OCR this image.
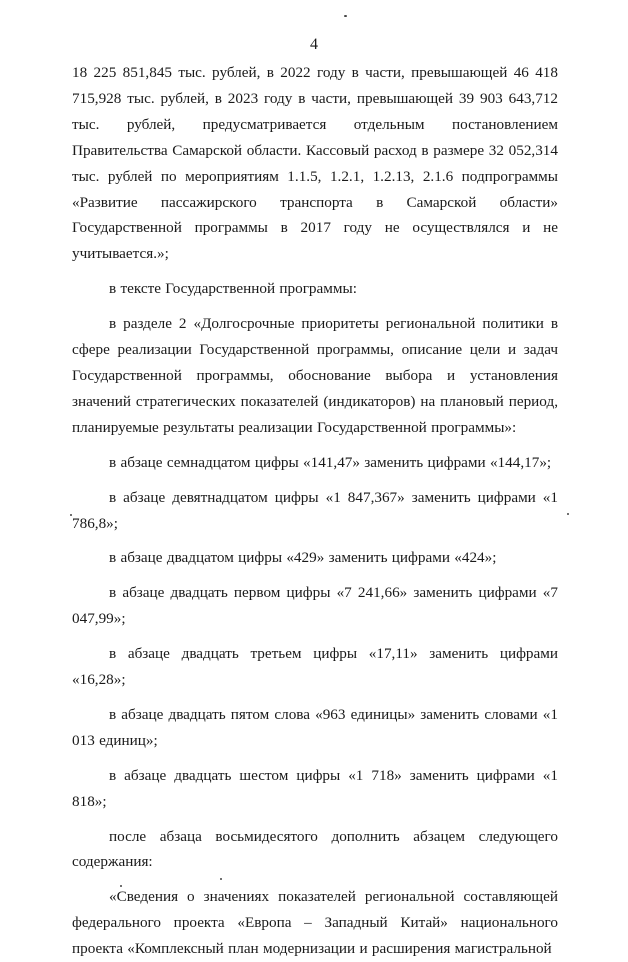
4

18 225 851,845 тыс. рублей, в 2022 году в части, превышающей 46 418 715,928 тыс. рублей, в 2023 году в части, превышающей 39 903 643,712 тыс. рублей, предусматривается отдельным постановлением Правительства Самарской области. Кассовый расход в размере 32 052,314 тыс. рублей по мероприятиям 1.1.5, 1.2.1, 1.2.13, 2.1.6 подпрограммы «Развитие пассажирского транспорта в Самарской области» Государственной программы в 2017 году не осуществлялся и не учитывается.»;

в тексте Государственной программы:

в разделе 2 «Долгосрочные приоритеты региональной политики в сфере реализации Государственной программы, описание цели и задач Государственной программы, обоснование выбора и установления значений стратегических показателей (индикаторов) на плановый период, планируемые результаты реализации Государственной программы»:

в абзаце семнадцатом цифры «141,47» заменить цифрами «144,17»;

в абзаце девятнадцатом цифры «1 847,367» заменить цифрами «1 786,8»;

в абзаце двадцатом цифры «429» заменить цифрами «424»;

в абзаце двадцать первом цифры «7 241,66» заменить цифрами «7 047,99»;

в абзаце двадцать третьем цифры «17,11» заменить цифрами «16,28»;

в абзаце двадцать пятом слова «963 единицы» заменить словами «1 013 единиц»;

в абзаце двадцать шестом цифры «1 718» заменить цифрами «1 818»;

после абзаца восьмидесятого дополнить абзацем следующего содержания:

«Сведения о значениях показателей региональной составляющей федерального проекта «Европа – Западный Китай» национального проекта «Комплексный план модернизации и расширения магистральной
